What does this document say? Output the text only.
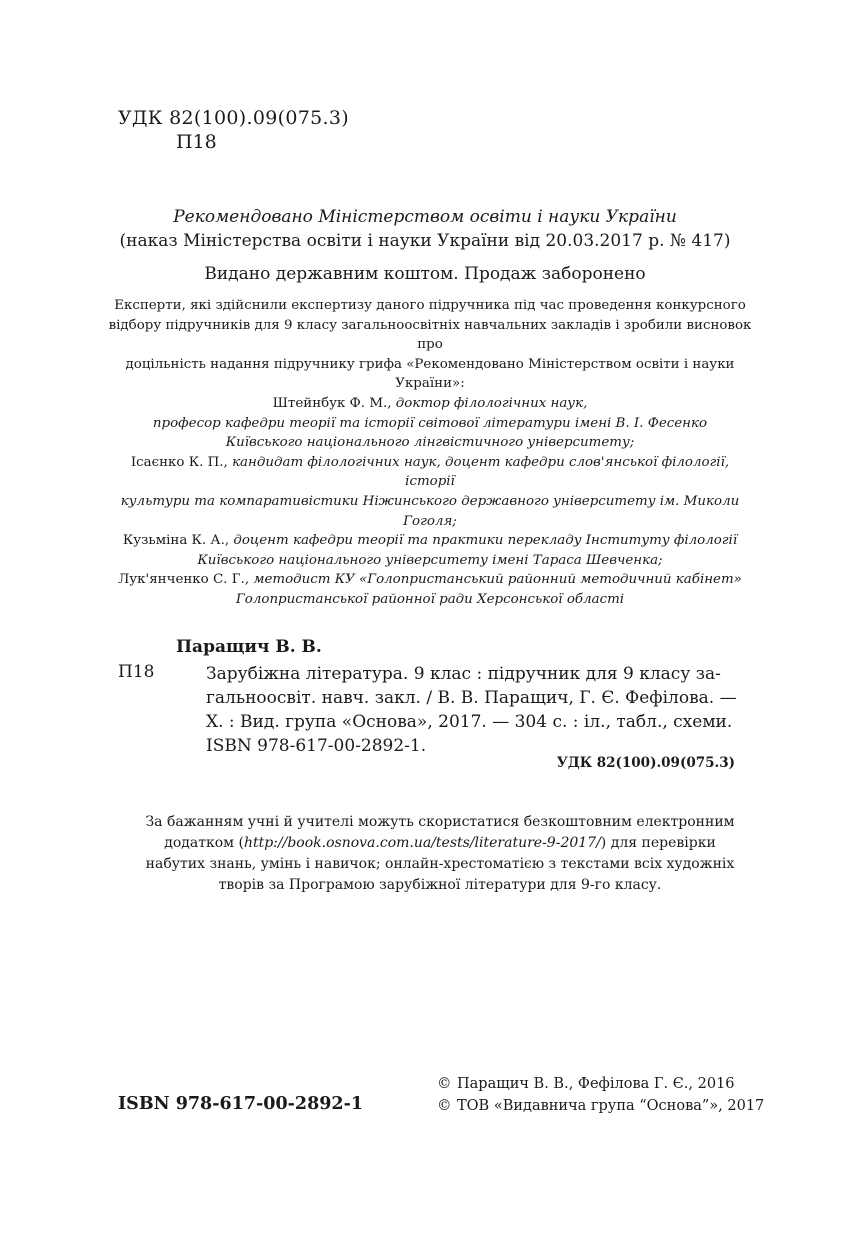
УДК 82(100).09(075.3)
П18
Рекомендовано Міністерством освіти і науки України
(наказ Міністерства освіти і науки України від 20.03.2017 р. № 417)
Видано державним коштом. Продаж заборонено

Експерти, які здійснили експертизу даного підручника під час проведення конкурсного

відбору підручників для 9 класу загальноосвітніх навчальних закладів і зробили висновок про

доцільність надання підручнику грифа «Рекомендовано Міністерством освіти і науки України»:

Штейнбук Ф. М., доктор філологічних наук,

професор кафедри теорії та історії світової літератури імені В. І. Фесенко

Київського національного лінгвістичного університету;

Ісаєнко К. П., кандидат філологічних наук, доцент кафедри слов'янської філології, історії

культури та компаративістики Ніжинського державного університету ім. Миколи Гоголя;

Кузьміна К. А., доцент кафедри теорії та практики перекладу Інституту філології

Київського національного університету імені Тараса Шевченка;

Лук'янченко С. Г., методист КУ «Голопристанський районний методичний кабінет»

Голопристанської районної ради Херсонської області

Паращич В. В.
П18	Зарубіжна література. 9 клас : підручник для 9 класу за-
гальноосвіт. навч. закл. / В. В. Паращич, Г. Є. Фефілова. —
Х. : Вид. група «Основа», 2017. — 304 с. : іл., табл., схеми.
ISBN 978-617-00-2892-1.
УДК 82(100).09(075.3)

За бажанням учні й учителі можуть скористатися безкоштовним електронним

додатком (http://book.osnova.com.ua/tests/literature-9-2017/) для перевірки

набутих знань, умінь і навичок; онлайн-хрестоматією з текстами всіх художніх

творів за Програмою зарубіжної літератури для 9-го класу.

ISBN 978-617-00-2892-1
© Паращич В. В., Фефілова Г. Є., 2016
© ТОВ «Видавнича група “Основа”», 2017
